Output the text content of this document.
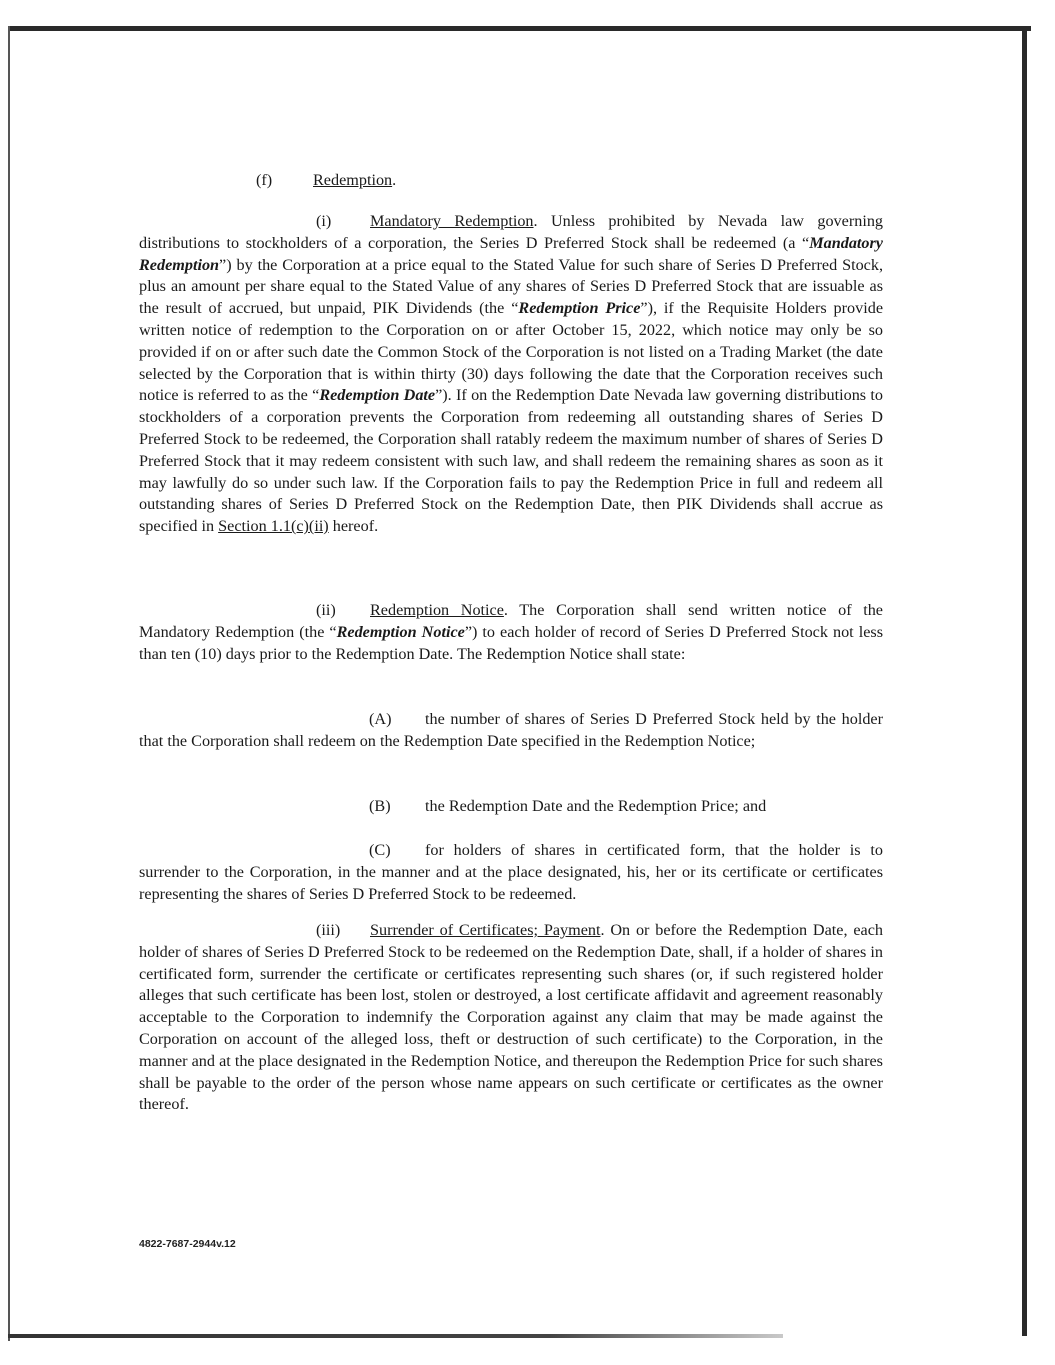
(f)	Redemption.
(i) Mandatory Redemption. Unless prohibited by Nevada law governing distributions to stockholders of a corporation, the Series D Preferred Stock shall be redeemed (a “Mandatory Redemption”) by the Corporation at a price equal to the Stated Value for such share of Series D Preferred Stock, plus an amount per share equal to the Stated Value of any shares of Series D Preferred Stock that are issuable as the result of accrued, but unpaid, PIK Dividends (the “Redemption Price”), if the Requisite Holders provide written notice of redemption to the Corporation on or after October 15, 2022, which notice may only be so provided if on or after such date the Common Stock of the Corporation is not listed on a Trading Market (the date selected by the Corporation that is within thirty (30) days following the date that the Corporation receives such notice is referred to as the “Redemption Date”). If on the Redemption Date Nevada law governing distributions to stockholders of a corporation prevents the Corporation from redeeming all outstanding shares of Series D Preferred Stock to be redeemed, the Corporation shall ratably redeem the maximum number of shares of Series D Preferred Stock that it may redeem consistent with such law, and shall redeem the remaining shares as soon as it may lawfully do so under such law. If the Corporation fails to pay the Redemption Price in full and redeem all outstanding shares of Series D Preferred Stock on the Redemption Date, then PIK Dividends shall accrue as specified in Section 1.1(c)(ii) hereof.
(ii) Redemption Notice. The Corporation shall send written notice of the Mandatory Redemption (the “Redemption Notice”) to each holder of record of Series D Preferred Stock not less than ten (10) days prior to the Redemption Date. The Redemption Notice shall state:
(A) the number of shares of Series D Preferred Stock held by the holder that the Corporation shall redeem on the Redemption Date specified in the Redemption Notice;
(B) the Redemption Date and the Redemption Price; and
(C) for holders of shares in certificated form, that the holder is to surrender to the Corporation, in the manner and at the place designated, his, her or its certificate or certificates representing the shares of Series D Preferred Stock to be redeemed.
(iii) Surrender of Certificates; Payment. On or before the Redemption Date, each holder of shares of Series D Preferred Stock to be redeemed on the Redemption Date, shall, if a holder of shares in certificated form, surrender the certificate or certificates representing such shares (or, if such registered holder alleges that such certificate has been lost, stolen or destroyed, a lost certificate affidavit and agreement reasonably acceptable to the Corporation to indemnify the Corporation against any claim that may be made against the Corporation on account of the alleged loss, theft or destruction of such certificate) to the Corporation, in the manner and at the place designated in the Redemption Notice, and thereupon the Redemption Price for such shares shall be payable to the order of the person whose name appears on such certificate or certificates as the owner thereof.
4822-7687-2944v.12
